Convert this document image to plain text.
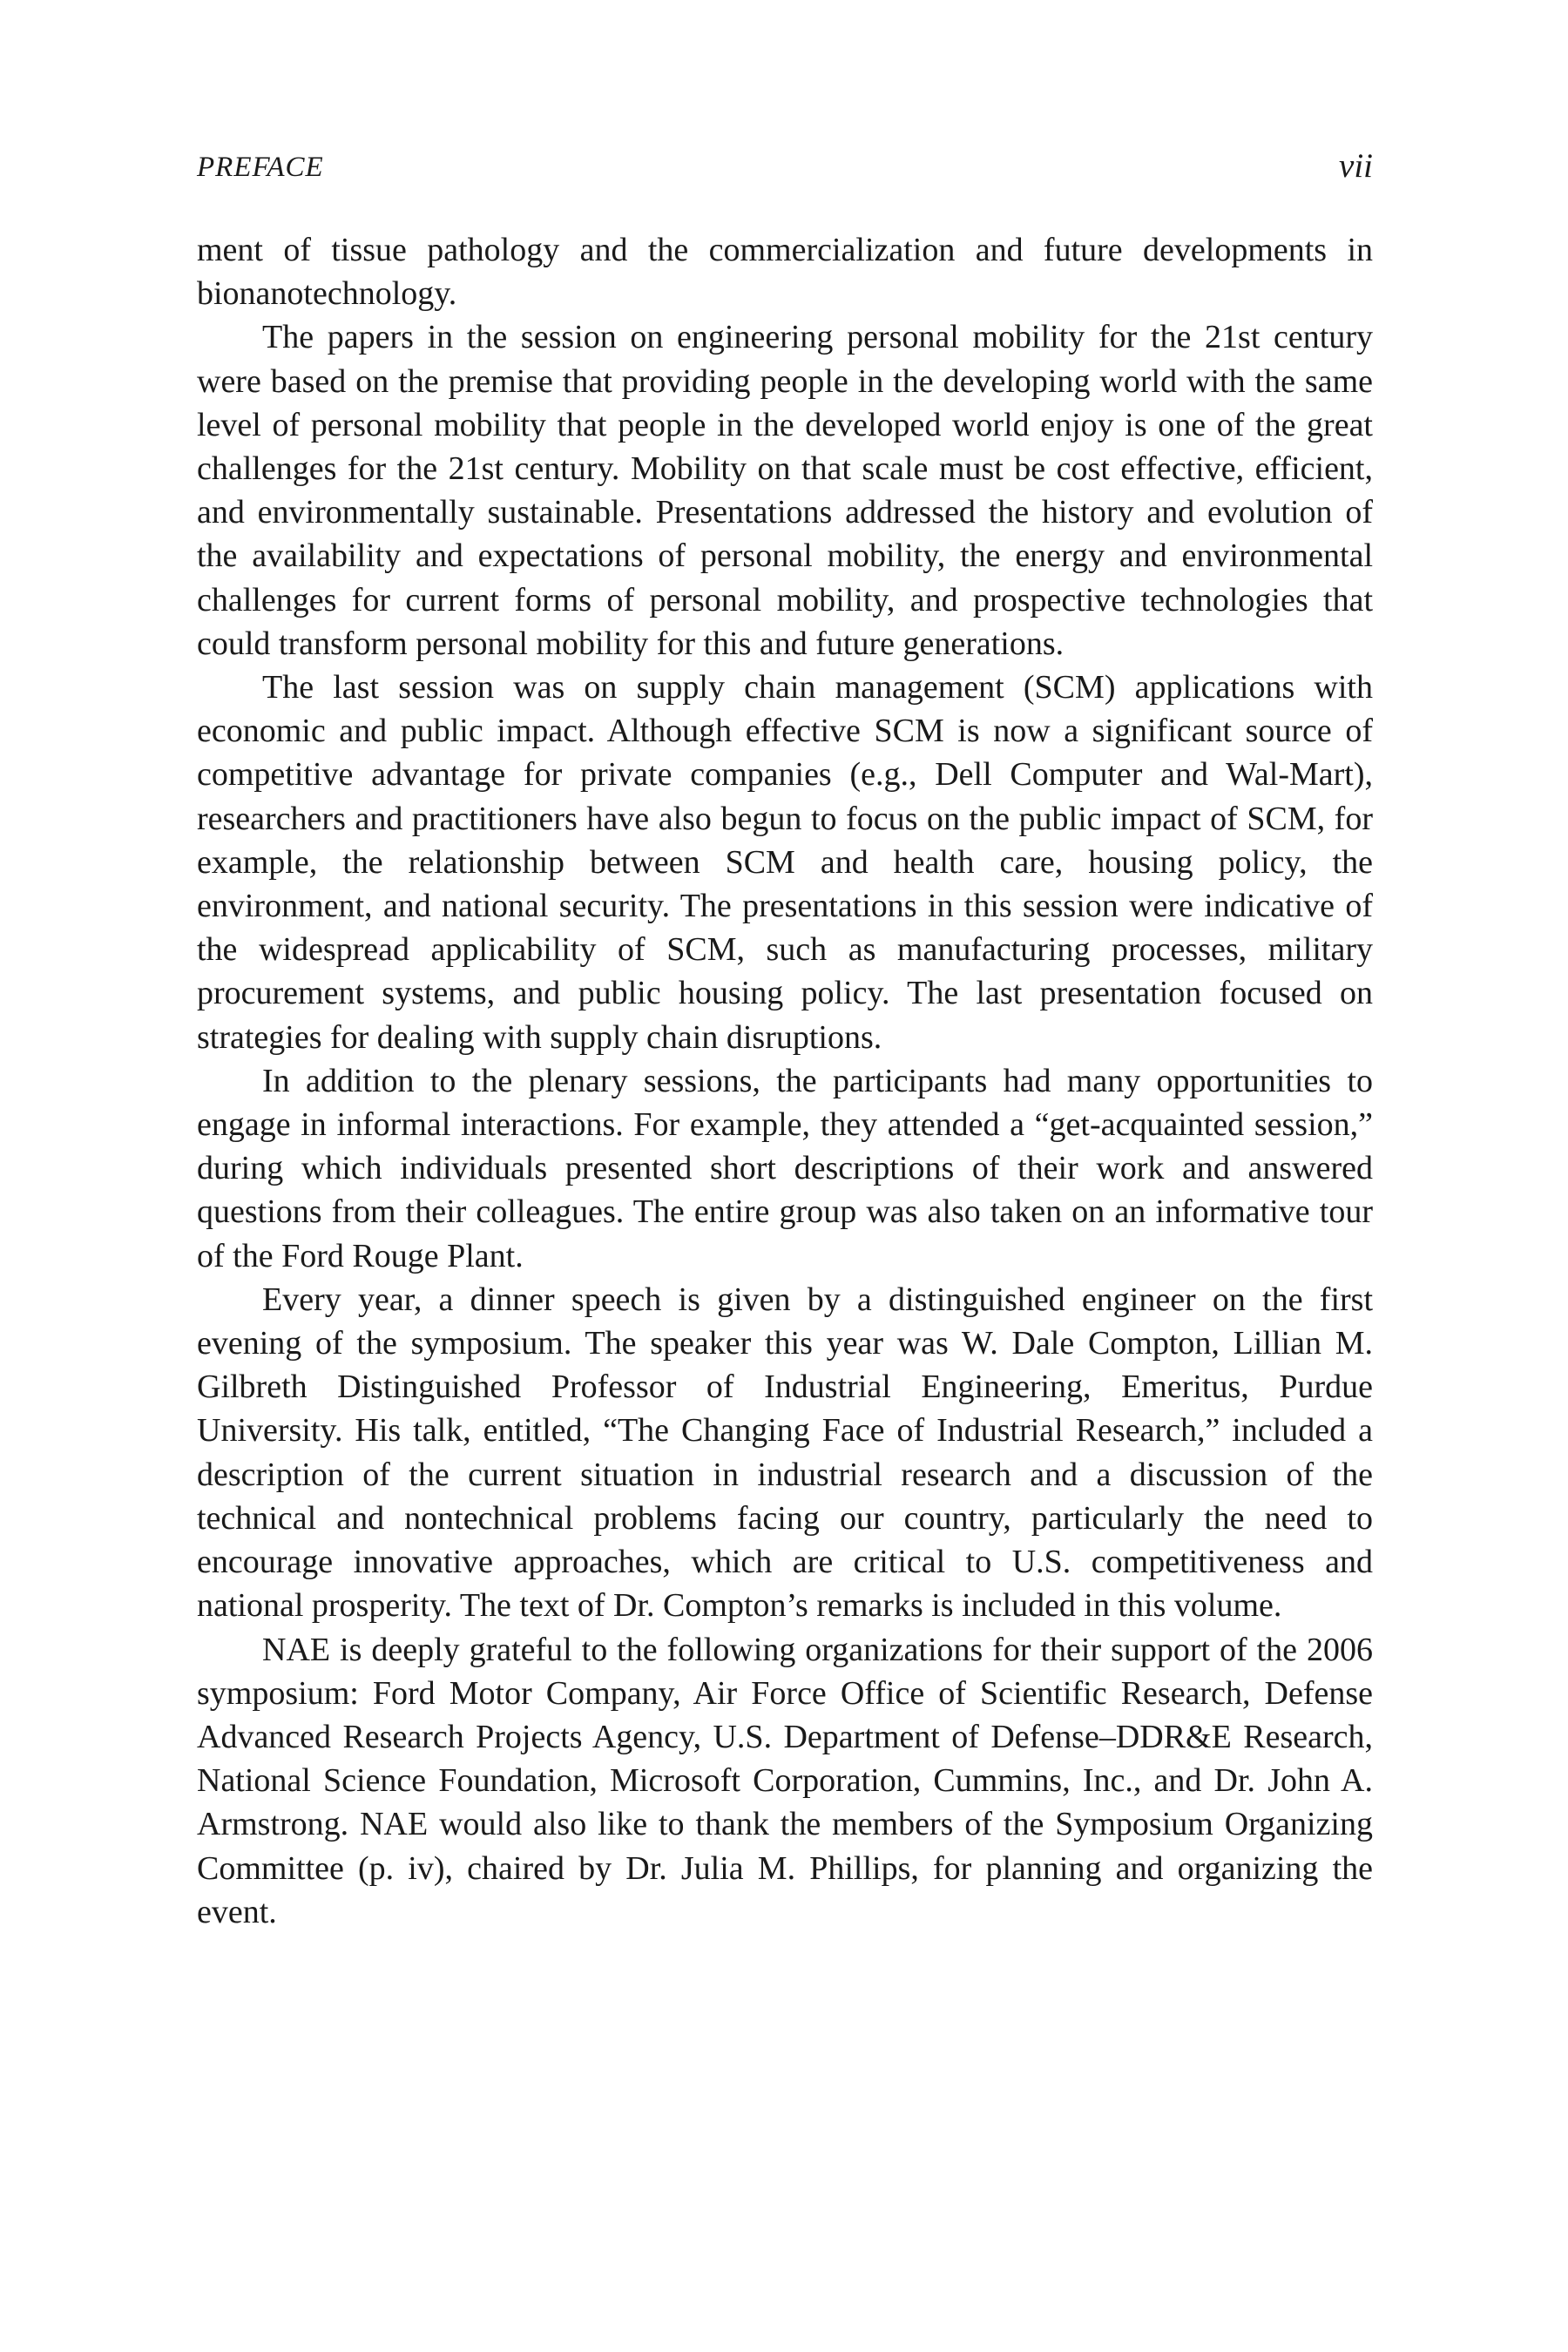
PREFACE	vii

ment of tissue pathology and the commercialization and future developments in bionanotechnology.

The papers in the session on engineering personal mobility for the 21st century were based on the premise that providing people in the developing world with the same level of personal mobility that people in the developed world enjoy is one of the great challenges for the 21st century. Mobility on that scale must be cost effective, efficient, and environmentally sustainable. Presentations addressed the history and evolution of the availability and expectations of personal mobility, the energy and environmental challenges for current forms of personal mobility, and prospective technologies that could transform personal mobility for this and future generations.

The last session was on supply chain management (SCM) applications with economic and public impact. Although effective SCM is now a significant source of competitive advantage for private companies (e.g., Dell Computer and Wal-Mart), researchers and practitioners have also begun to focus on the public impact of SCM, for example, the relationship between SCM and health care, housing policy, the environment, and national security. The presentations in this session were indicative of the widespread applicability of SCM, such as manufacturing processes, military procurement systems, and public housing policy. The last presentation focused on strategies for dealing with supply chain disruptions.

In addition to the plenary sessions, the participants had many opportunities to engage in informal interactions. For example, they attended a “get-acquainted session,” during which individuals presented short descriptions of their work and answered questions from their colleagues. The entire group was also taken on an informative tour of the Ford Rouge Plant.

Every year, a dinner speech is given by a distinguished engineer on the first evening of the symposium. The speaker this year was W. Dale Compton, Lillian M. Gilbreth Distinguished Professor of Industrial Engineering, Emeritus, Purdue University. His talk, entitled, “The Changing Face of Industrial Research,” included a description of the current situation in industrial research and a discussion of the technical and nontechnical problems facing our country, particularly the need to encourage innovative approaches, which are critical to U.S. competitiveness and national prosperity. The text of Dr. Compton’s remarks is included in this volume.

NAE is deeply grateful to the following organizations for their support of the 2006 symposium: Ford Motor Company, Air Force Office of Scientific Research, Defense Advanced Research Projects Agency, U.S. Department of Defense–DDR&E Research, National Science Foundation, Microsoft Corporation, Cummins, Inc., and Dr. John A. Armstrong. NAE would also like to thank the members of the Symposium Organizing Committee (p. iv), chaired by Dr. Julia M. Phillips, for planning and organizing the event.
